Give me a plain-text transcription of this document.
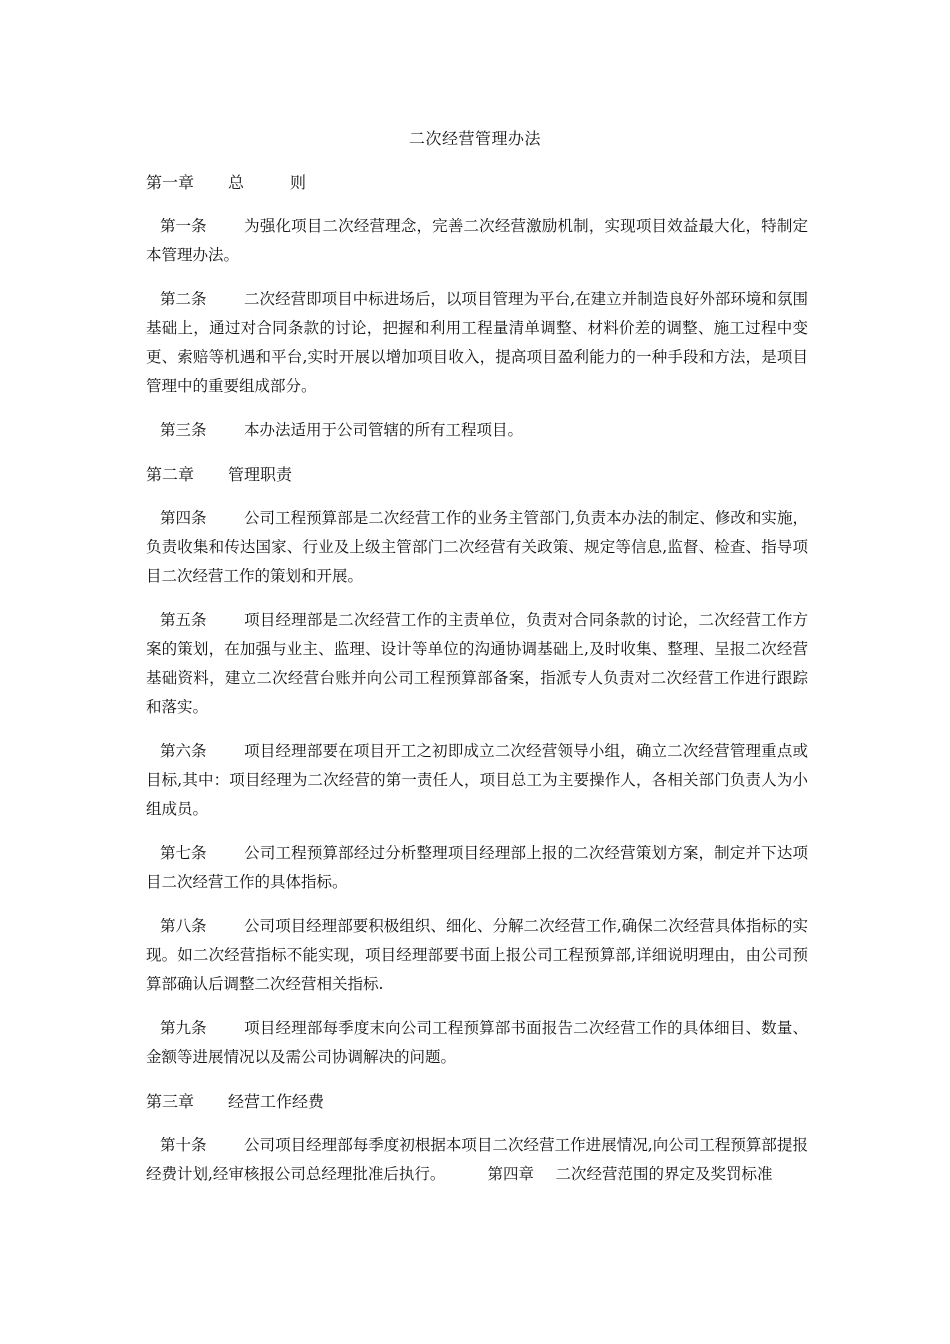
二次经营管理办法
第一章 总	则

第一条 为强化项目二次经营理念，完善二次经营激励机制，实现项目效益最大化，特制定本管理办法。

第二条 二次经营即项目中标进场后，以项目管理为平台,在建立并制造良好外部环境和氛围基础上，通过对合同条款的讨论，把握和利用工程量清单调整、材料价差的调整、施工过程中变更、索赔等机遇和平台,实时开展以增加项目收入，提高项目盈利能力的一种手段和方法，是项目管理中的重要组成部分。

第三条 本办法适用于公司管辖的所有工程项目。

第二章 管理职责

第四条 公司工程预算部是二次经营工作的业务主管部门,负责本办法的制定、修改和实施，负责收集和传达国家、行业及上级主管部门二次经营有关政策、规定等信息,监督、检查、指导项目二次经营工作的策划和开展。

第五条 项目经理部是二次经营工作的主责单位，负责对合同条款的讨论，二次经营工作方案的策划，在加强与业主、监理、设计等单位的沟通协调基础上,及时收集、整理、呈报二次经营基础资料，建立二次经营台账并向公司工程预算部备案，指派专人负责对二次经营工作进行跟踪和落实。

第六条 项目经理部要在项目开工之初即成立二次经营领导小组，确立二次经营管理重点或目标,其中：项目经理为二次经营的第一责任人，项目总工为主要操作人，各相关部门负责人为小组成员。

第七条 公司工程预算部经过分析整理项目经理部上报的二次经营策划方案，制定并下达项目二次经营工作的具体指标。

第八条 公司项目经理部要积极组织、细化、分解二次经营工作,确保二次经营具体指标的实现。如二次经营指标不能实现，项目经理部要书面上报公司工程预算部,详细说明理由，由公司预算部确认后调整二次经营相关指标.

第九条 项目经理部每季度末向公司工程预算部书面报告二次经营工作的具体细目、数量、金额等进展情况以及需公司协调解决的问题。

第三章 经营工作经费

第十条 公司项目经理部每季度初根据本项目二次经营工作进展情况,向公司工程预算部提报经费计划,经审核报公司总经理批准后执行。	第四章 二次经营范围的界定及奖罚标准
